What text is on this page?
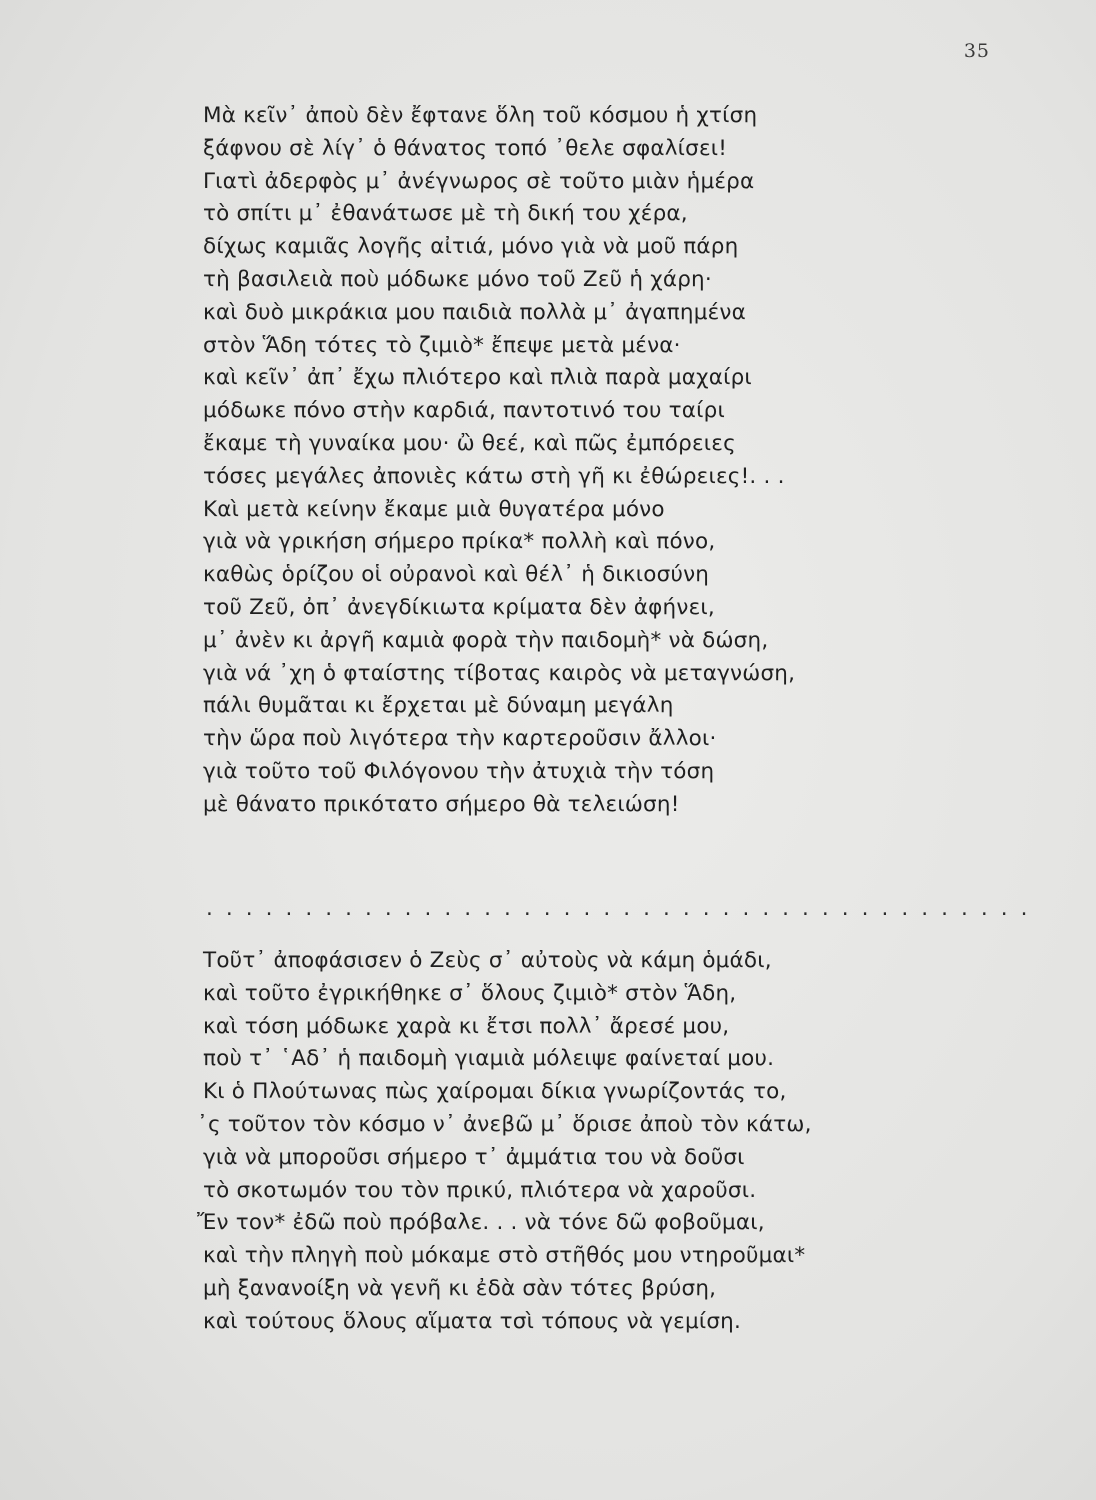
35
Μὰ κεῖν᾽ ἀποὺ δὲν ἔφτανε ὅλη τοῦ κόσμου ἡ χτίση
ξάφνου σὲ λίγ᾽ ὁ θάνατος τοπό ᾽θελε σφαλίσει!
Γιατὶ ἀδερφὸς μ᾽ ἀνέγνωρος σὲ τοῦτο μιὰν ἡμέρα
τὸ σπίτι μ᾽ ἐθανάτωσε μὲ τὴ δική του χέρα,
δίχως καμιᾶς λογῆς αἰτιά, μόνο γιὰ νὰ μοῦ πάρη
τὴ βασιλειὰ ποὺ μόδωκε μόνο τοῦ Ζεῦ ἡ χάρη·
καὶ δυὸ μικράκια μου παιδιὰ πολλὰ μ᾽ ἀγαπημένα
στὸν Ἅδη τότες τὸ ζιμιὸ* ἔπεψε μετὰ μένα·
καὶ κεῖν᾽ ἀπ᾽ ἔχω πλιότερο καὶ πλιὰ παρὰ μαχαίρι
μόδωκε πόνο στὴν καρδιά, παντοτινό του ταίρι
ἔκαμε τὴ γυναίκα μου· ὢ θεέ, καὶ πῶς ἐμπόρειες
τόσες μεγάλες ἀπονιὲς κάτω στὴ γῆ κι ἐθώρειες!. . .
Καὶ μετὰ κείνην ἔκαμε μιὰ θυγατέρα μόνο
γιὰ νὰ γρικήση σήμερο πρίκα* πολλὴ καὶ πόνο,
καθὼς ὁρίζου οἱ οὐρανοὶ καὶ θέλ᾽ ἡ δικιοσύνη
τοῦ Ζεῦ, ὀπ᾽ ἀνεγδίκιωτα κρίματα δὲν ἀφήνει,
μ᾽ ἀνὲν κι ἀργῆ καμιὰ φορὰ τὴν παιδομὴ* νὰ δώση,
γιὰ νά ᾽χη ὁ φταίστης τίβοτας καιρὸς νὰ μεταγνώση,
πάλι θυμᾶται κι ἔρχεται μὲ δύναμη μεγάλη
τὴν ὥρα ποὺ λιγότερα τὴν καρτεροῦσιν ἄλλοι·
γιὰ τοῦτο τοῦ Φιλόγονου τὴν ἀτυχιὰ τὴν τόση
μὲ θάνατο πρικότατο σήμερο θὰ τελειώση!
. . . . . . . . . . . . . . . . . . . . . . . . . . . . . . . . . . . . . . . . . .
Τοῦτ᾽ ἀποφάσισεν ὁ Ζεὺς σ᾽ αὐτοὺς νὰ κάμη ὁμάδι,
καὶ τοῦτο ἐγρικήθηκε σ᾽ ὅλους ζιμιὸ* στὸν Ἅδη,
καὶ τόση μόδωκε χαρὰ κι ἔτσι πολλ᾽ ἄρεσέ μου,
ποὺ τ᾽ ῾Αδ᾽ ἡ παιδομὴ γιαμιὰ μόλειψε φαίνεταί μου.
Κι ὁ Πλούτωνας πὼς χαίρομαι δίκια γνωρίζοντάς το,
᾽ς τοῦτον τὸν κόσμο ν᾽ ἀνεβῶ μ᾽ ὅρισε ἀποὺ τὸν κάτω,
γιὰ νὰ μποροῦσι σήμερο τ᾽ ἀμμάτια του νὰ δοῦσι
τὸ σκοτωμόν του τὸν πρικύ, πλιότερα νὰ χαροῦσι.
Ἔν τον* ἐδῶ ποὺ πρόβαλε. . . νὰ τόνε δῶ φοβοῦμαι,
καὶ τὴν πληγὴ ποὺ μόκαμε στὸ στῆθός μου ντηροῦμαι*
μὴ ξανανοίξη νὰ γενῆ κι ἐδὰ σὰν τότες βρύση,
καὶ τούτους ὅλους αἵματα τσὶ τόπους νὰ γεμίση.
